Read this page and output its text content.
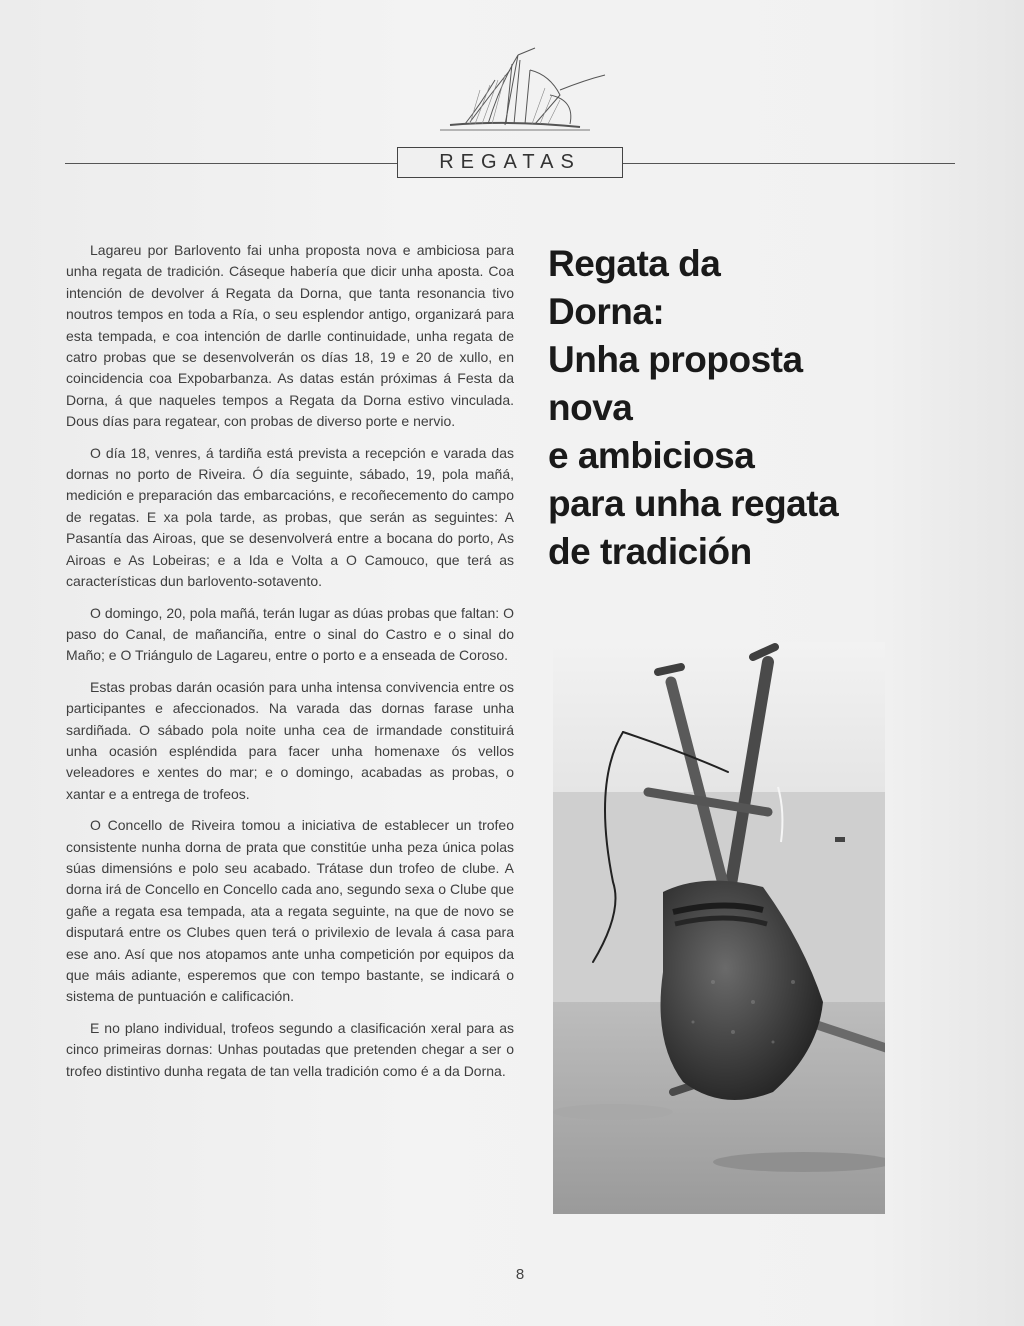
REGATAS

Lagareu por Barlovento fai unha proposta nova e ambiciosa para unha regata de tradición. Cáseque habería que dicir unha aposta. Coa intención de devolver á Regata da Dorna, que tanta resonancia tivo noutros tempos en toda a Ría, o seu esplendor antigo, organizará para esta tempada, e coa intención de darlle continuidade, unha regata de catro probas que se desenvolverán os días 18, 19 e 20 de xullo, en coincidencia coa Expobarbanza. As datas están próximas á Festa da Dorna, á que naqueles tempos a Regata da Dorna estivo vinculada. Dous días para regatear, con probas de diverso porte e nervio.

O día 18, venres, á tardiña está prevista a recepción e varada das dornas no porto de Riveira. Ó día seguinte, sábado, 19, pola mañá, medición e preparación das embarcacións, e recoñecemento do campo de regatas. E xa pola tarde, as probas, que serán as seguintes: A Pasantía das Airoas, que se desenvolverá entre a bocana do porto, As Airoas e As Lobeiras; e a Ida e Volta a O Camouco, que terá as características dun barlovento-sotavento.

O domingo, 20, pola mañá, terán lugar as dúas probas que faltan: O paso do Canal, de mañanciña, entre o sinal do Castro e o sinal do Maño; e O Triángulo de Lagareu, entre o porto e a enseada de Coroso.

Estas probas darán ocasión para unha intensa convivencia entre os participantes e afeccionados. Na varada das dornas farase unha sardiñada. O sábado pola noite unha cea de irmandade constituirá unha ocasión espléndida para facer unha homenaxe ós vellos veleadores e xentes do mar; e o domingo, acabadas as probas, o xantar e a entrega de trofeos.

O Concello de Riveira tomou a iniciativa de establecer un trofeo consistente nunha dorna de prata que constitúe unha peza única polas súas dimensións e polo seu acabado. Trátase dun trofeo de clube. A dorna irá de Concello en Concello cada ano, segundo sexa o Clube que gañe a regata esa tempada, ata a regata seguinte, na que de novo se disputará entre os Clubes quen terá o privilexio de levala á casa para ese ano. Así que nos atopamos ante unha competición por equipos da que máis adiante, esperemos que con tempo bastante, se indicará o sistema de puntuación e calificación.

E no plano individual, trofeos segundo a clasificación xeral para as cinco primeiras dornas: Unhas poutadas que pretenden chegar a ser o trofeo distintivo dunha regata de tan vella tradición como é a da Dorna.

Regata da
Dorna:
Unha proposta
nova
e ambiciosa
para unha regata
de tradición
8
